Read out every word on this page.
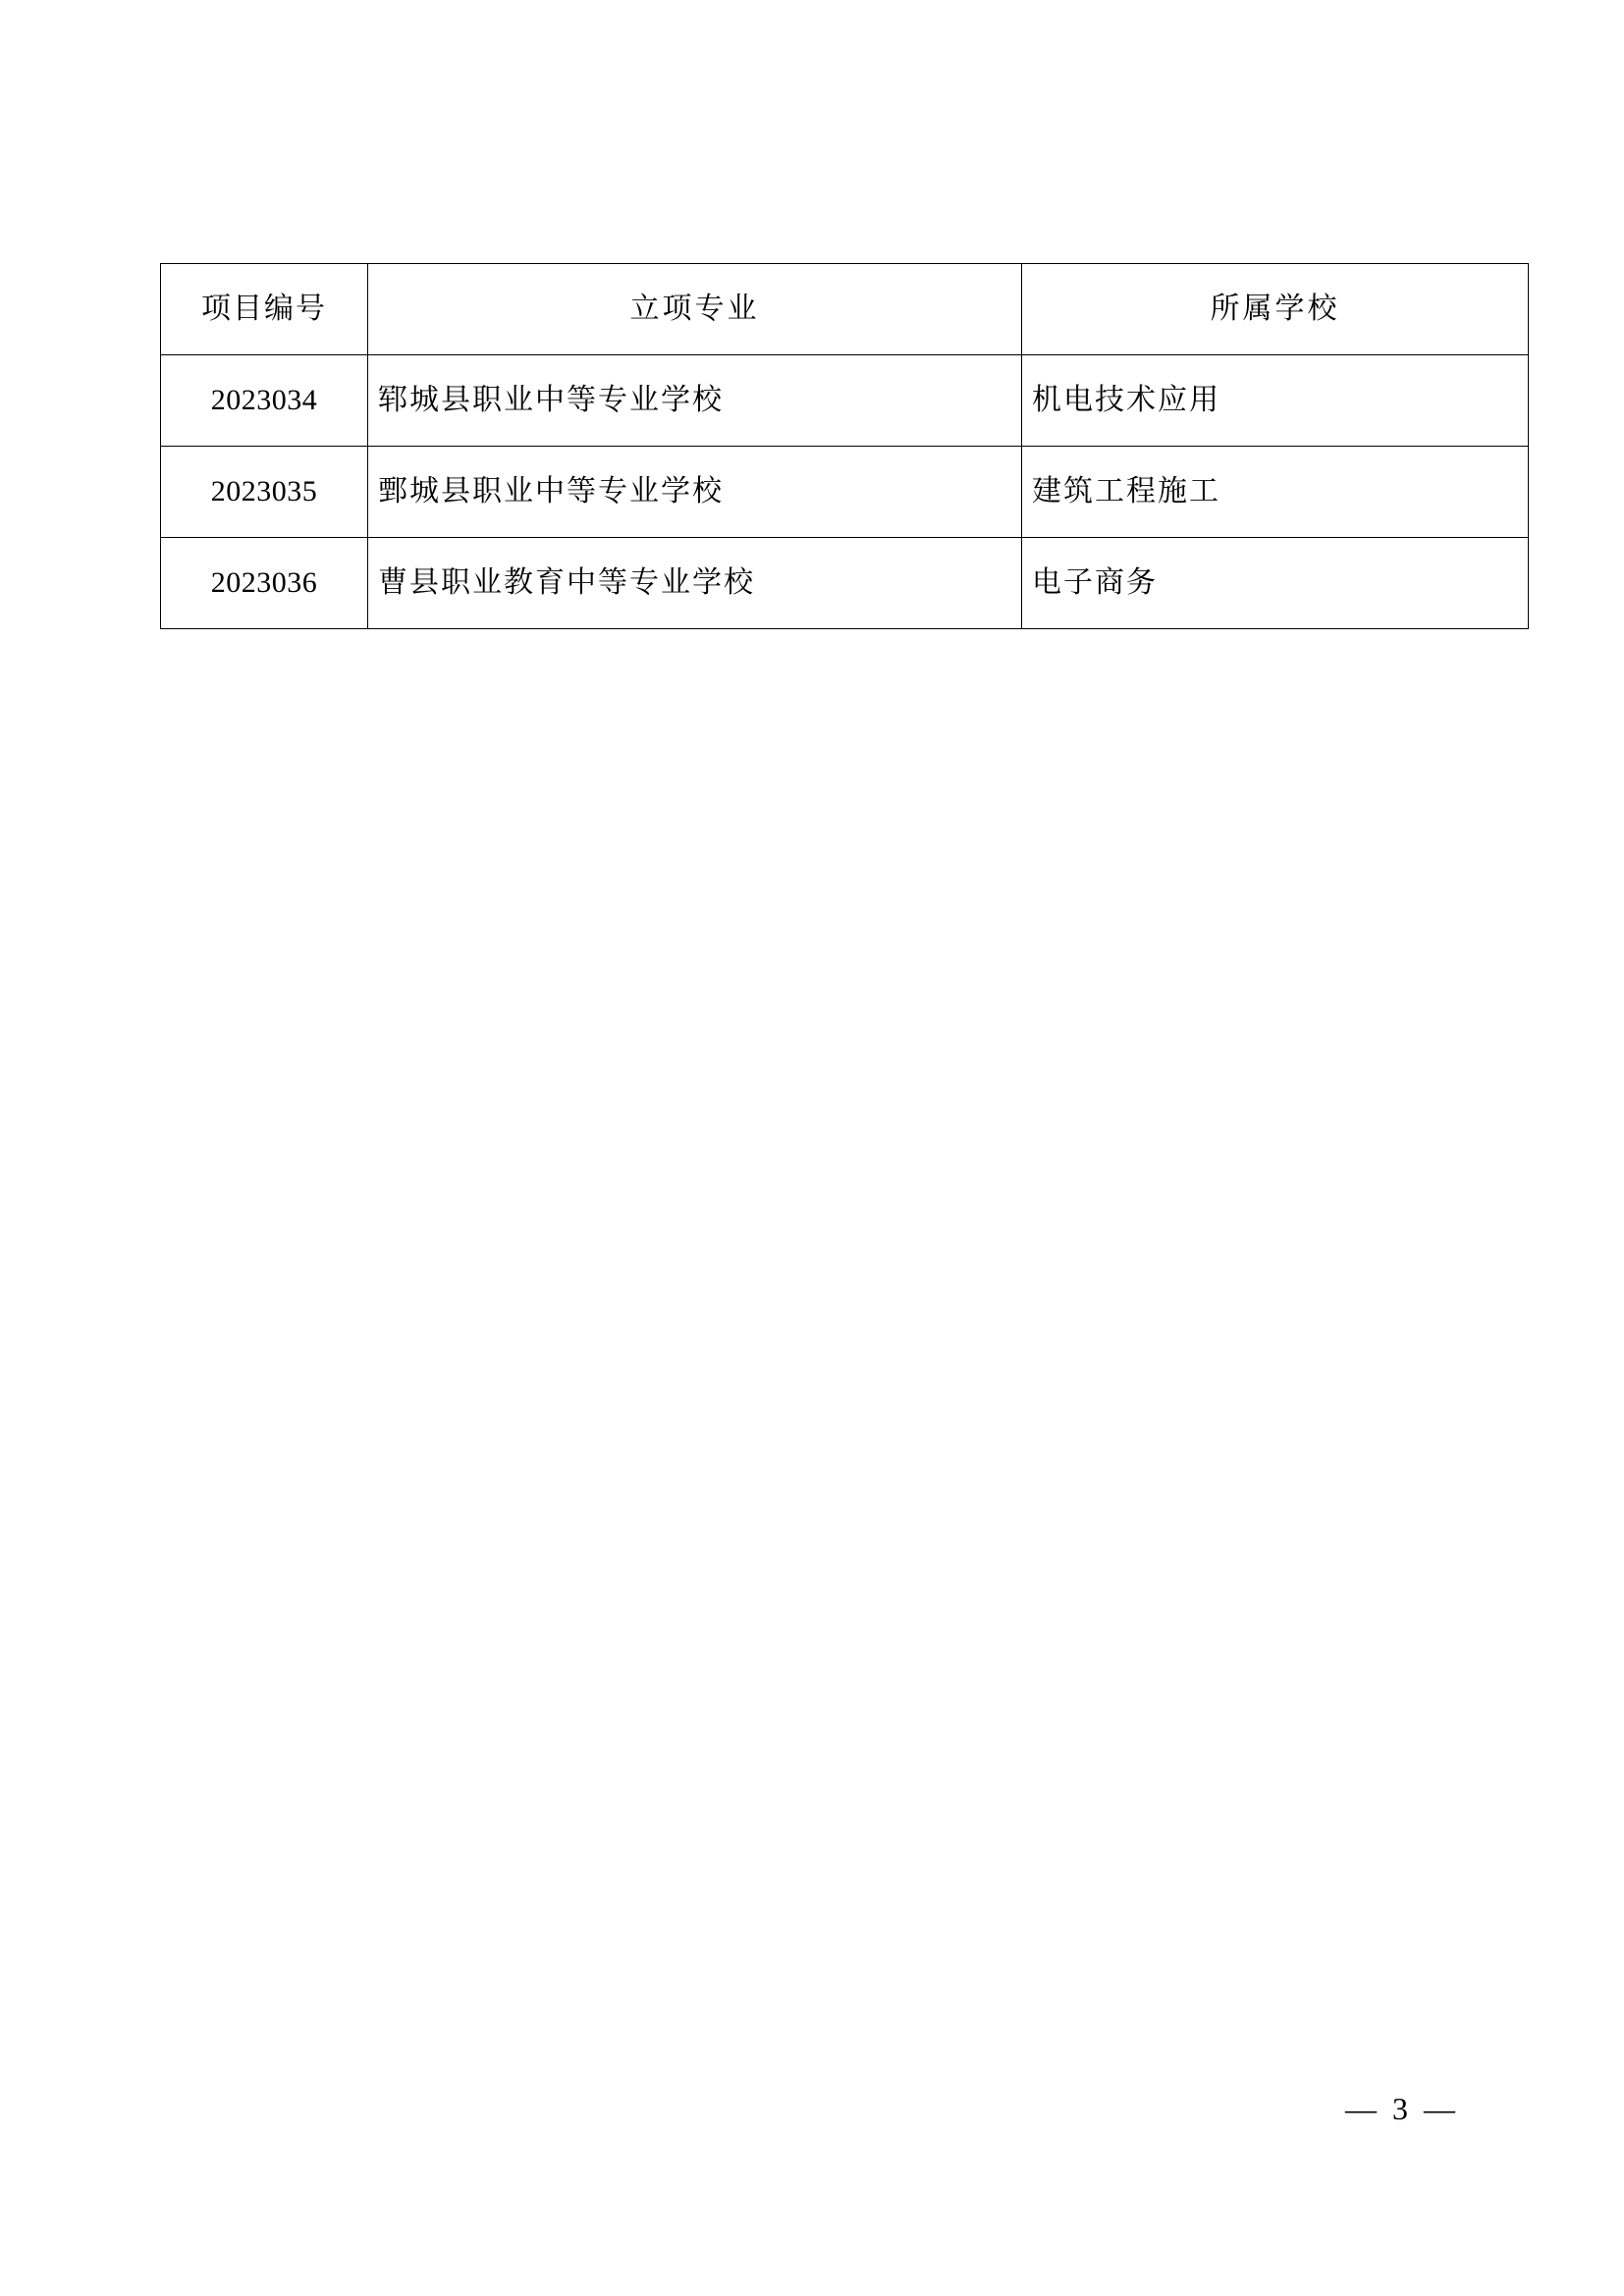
项目编号	立项专业	所属学校
2023034	郓城县职业中等专业学校	机电技术应用
2023035	鄄城县职业中等专业学校	建筑工程施工
2023036	曹县职业教育中等专业学校	电子商务
— 3 —
